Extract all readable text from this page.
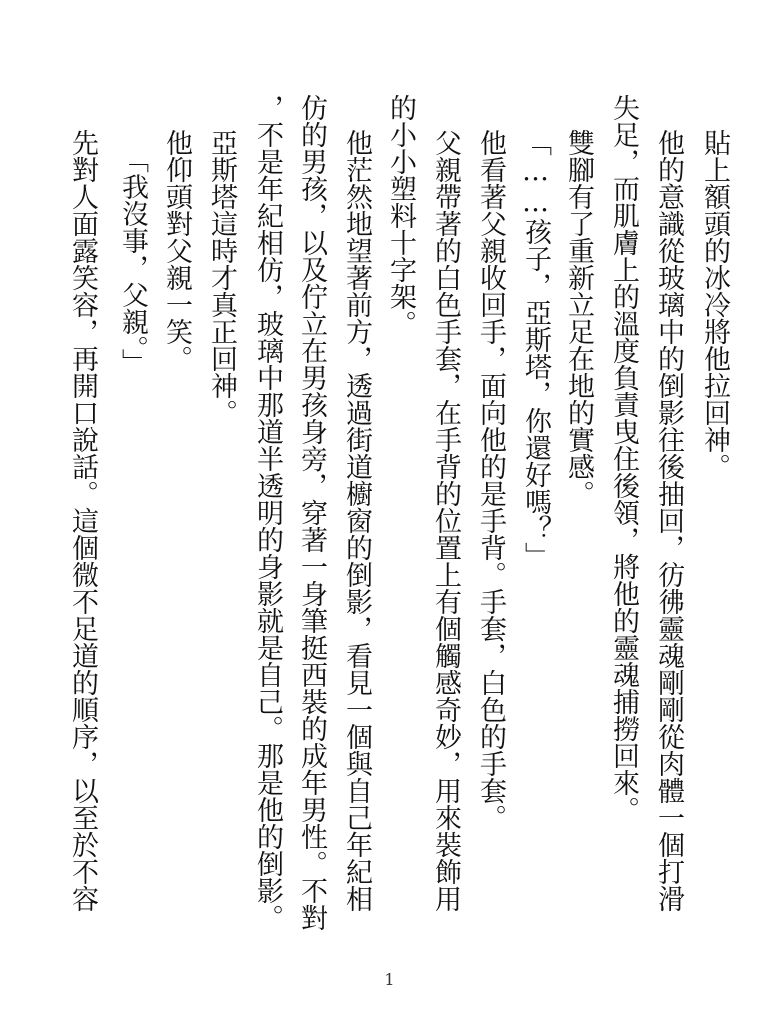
貼上額頭的冰冷將他拉回神。
他的意識從玻璃中的倒影往後抽回，彷彿靈魂剛剛從肉體一個打滑
失足，而肌膚上的溫度負責曳住後領，將他的靈魂捕撈回來。
雙腳有了重新立足在地的實感。
「……孩子，亞斯塔，你還好嗎？」
他看著父親收回手，面向他的是手背。手套，白色的手套。
父親帶著的白色手套，在手背的位置上有個觸感奇妙，用來裝飾用
的小小塑料十字架。
他茫然地望著前方，透過街道櫥窗的倒影，看見一個與自己年紀相
仿的男孩，以及佇立在男孩身旁，穿著一身筆挺西裝的成年男性。不對
，不是年紀相仿，玻璃中那道半透明的身影就是自己。那是他的倒影。
亞斯塔這時才真正回神。
他仰頭對父親一笑。
「我沒事，父親。」
先對人面露笑容，再開口說話。這個微不足道的順序，以至於不容
1
